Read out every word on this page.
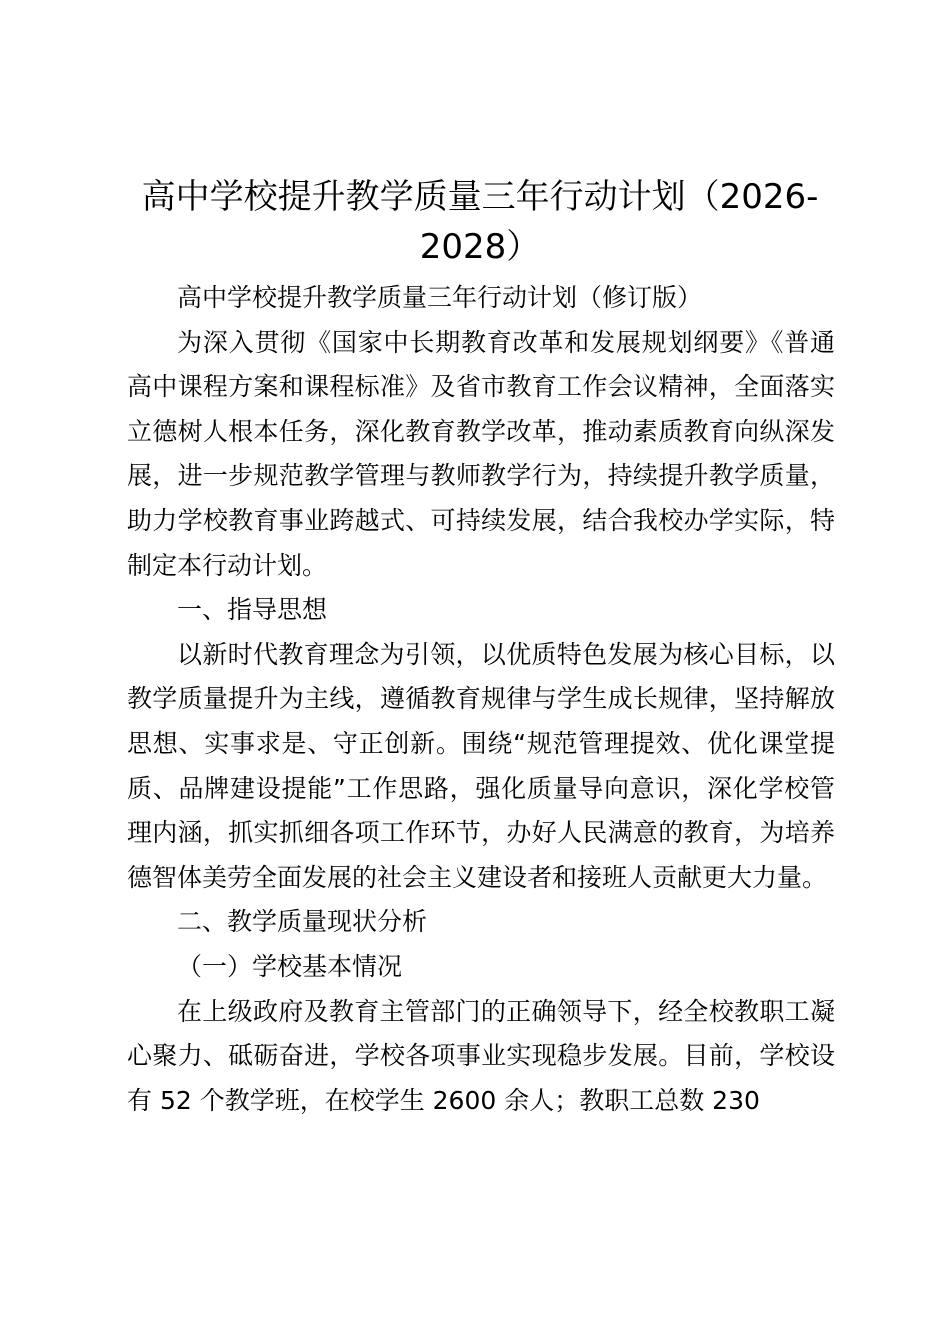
高中学校提升教学质量三年行动计划（2026-2028）

高中学校提升教学质量三年行动计划（修订版）

为深入贯彻《国家中长期教育改革和发展规划纲要》《普通高中课程方案和课程标准》及省市教育工作会议精神，全面落实立德树人根本任务，深化教育教学改革，推动素质教育向纵深发展，进一步规范教学管理与教师教学行为，持续提升教学质量，助力学校教育事业跨越式、可持续发展，结合我校办学实际，特制定本行动计划。

一、指导思想

以新时代教育理念为引领，以优质特色发展为核心目标，以教学质量提升为主线，遵循教育规律与学生成长规律，坚持解放思想、实事求是、守正创新。围绕“规范管理提效、优化课堂提质、品牌建设提能”工作思路，强化质量导向意识，深化学校管理内涵，抓实抓细各项工作环节，办好人民满意的教育，为培养德智体美劳全面发展的社会主义建设者和接班人贡献更大力量。

二、教学质量现状分析

（一）学校基本情况

在上级政府及教育主管部门的正确领导下，经全校教职工凝心聚力、砥砺奋进，学校各项事业实现稳步发展。目前，学校设有 52 个教学班，在校学生 2600 余人；教职工总数 230
